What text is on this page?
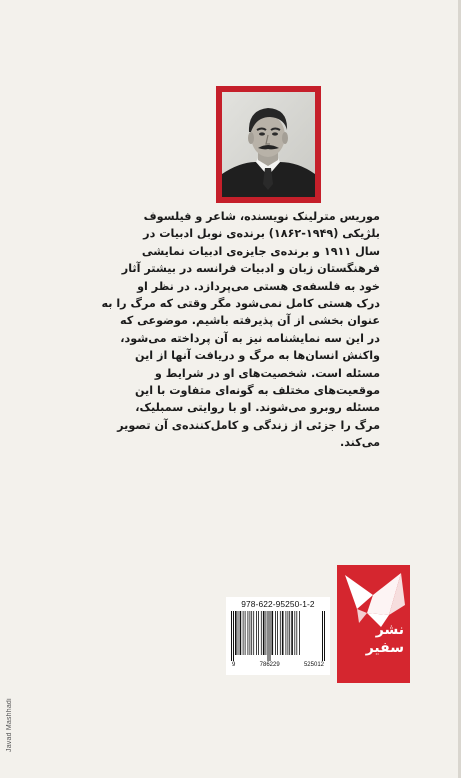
موریس مترلینک نویسنده، شاعر و فیلسوف

بلژیکی (۱۹۴۹-۱۸۶۲) برنده‌ی نوبل ادبیات در

سال ۱۹۱۱ و برنده‌ی جایزه‌ی ادبیات نمایشی

فرهنگستان زبان و ادبیات فرانسه در بیشتر آثار

خود به فلسفه‌ی هستی می‌پردازد. در نظر او

درک هستی کامل نمی‌شود مگر وقتی که مرگ را به

عنوان بخشی از آن پذیرفته باشیم. موضوعی که

در این سه نمایشنامه نیز به آن پرداخته می‌شود،

واکنش انسان‌ها به مرگ و دریافت آنها از این

مسئله است. شخصیت‌های او در شرایط و

موقعیت‌های مختلف به گونه‌ای متفاوت با این

مسئله روبرو می‌شوند. او با روایتی سمبلیک،

مرگ را جزئی از زندگی و کامل‌کننده‌ی آن تصویر

می‌کند.

978-622-95250-1-2
9	786229	525012
نشر
سفیر
Javad Mashhadi
